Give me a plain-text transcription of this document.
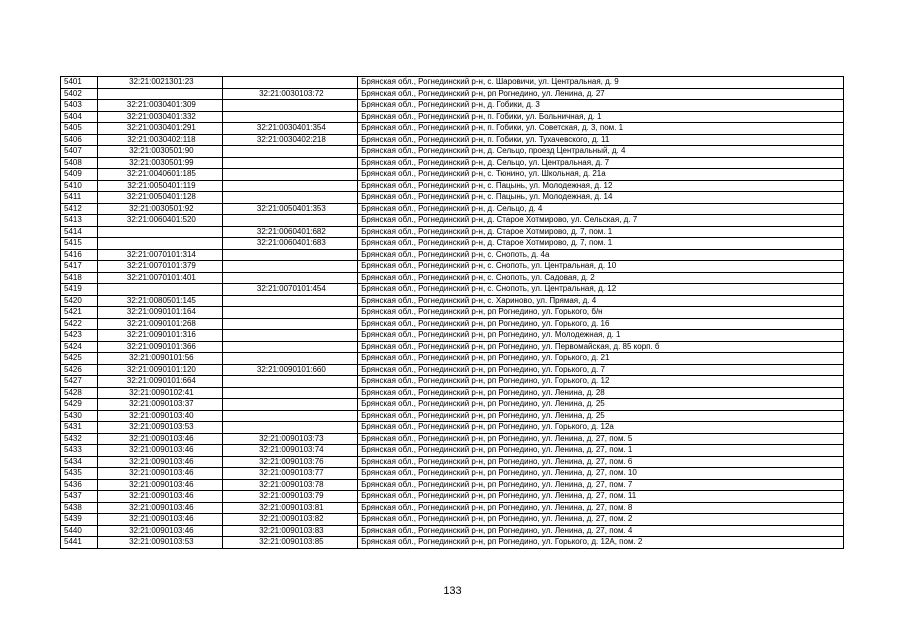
5401	32:21:0021301:23		Брянская обл., Рогнединский р-н, с. Шаровичи, ул. Центральная, д. 9
5402		32:21:0030103:72	Брянская обл., Рогнединский р-н, рп Рогнедино, ул. Ленина, д. 27
5403	32:21:0030401:309		Брянская обл., Рогнединский р-н, д. Гобики, д. 3
5404	32:21:0030401:332		Брянская обл., Рогнединский р-н, п. Гобики, ул. Больничная, д. 1
5405	32:21:0030401:291	32:21:0030401:354	Брянская обл., Рогнединский р-н, п. Гобики, ул. Советская, д. 3, пом. 1
5406	32:21:0030402:118	32:21:0030402:218	Брянская обл., Рогнединский р-н, п. Гобики, ул. Тухачевского, д. 11
5407	32:21:0030501:90		Брянская обл., Рогнединский р-н, д. Сельцо, проезд Центральный, д. 4
5408	32:21:0030501:99		Брянская обл., Рогнединский р-н, д. Сельцо, ул. Центральная, д. 7
5409	32:21:0040601:185		Брянская обл., Рогнединский р-н, с. Тюнино, ул. Школьная, д. 21а
5410	32:21:0050401:119		Брянская обл., Рогнединский р-н, с. Пацынь, ул. Молодежная, д. 12
5411	32:21:0050401:128		Брянская обл., Рогнединский р-н, с. Пацынь, ул. Молодежная, д. 14
5412	32:21:0030501:92	32:21:0050401:353	Брянская обл., Рогнединский р-н, д. Сельцо, д. 4
5413	32:21:0060401:520		Брянская обл., Рогнединский р-н, д. Старое Хотмирово, ул. Сельская, д. 7
5414		32:21:0060401:682	Брянская обл., Рогнединский р-н, д. Старое Хотмирово, д. 7, пом. 1
5415		32:21:0060401:683	Брянская обл., Рогнединский р-н, д. Старое Хотмирово, д. 7, пом. 1
5416	32:21:0070101:314		Брянская обл., Рогнединский р-н, с. Снопоть, д. 4а
5417	32:21:0070101:379		Брянская обл., Рогнединский р-н, с. Снопоть, ул. Центральная, д. 10
5418	32:21:0070101:401		Брянская обл., Рогнединский р-н, с. Снопоть, ул. Садовая, д. 2
5419		32:21:0070101:454	Брянская обл., Рогнединский р-н, с. Снопоть, ул. Центральная, д. 12
5420	32:21:0080501:145		Брянская обл., Рогнединский р-н, с. Хариново, ул. Прямая, д. 4
5421	32:21:0090101:164		Брянская обл., Рогнединский р-н, рп Рогнедино, ул. Горького, б/н
5422	32:21:0090101:268		Брянская обл., Рогнединский р-н, рп Рогнедино, ул. Горького, д. 16
5423	32:21:0090101:316		Брянская обл., Рогнединский р-н, рп Рогнедино, ул. Молодежная, д. 1
5424	32:21:0090101:366		Брянская обл., Рогнединский р-н, рп Рогнедино, ул. Первомайская, д. 85 корп. б
5425	32:21:0090101:56		Брянская обл., Рогнединский р-н, рп Рогнедино, ул. Горького, д. 21
5426	32:21:0090101:120	32:21:0090101:660	Брянская обл., Рогнединский р-н, рп Рогнедино, ул. Горького, д. 7
5427	32:21:0090101:664		Брянская обл., Рогнединский р-н, рп Рогнедино, ул. Горького, д. 12
5428	32:21:0090102:41		Брянская обл., Рогнединский р-н, рп Рогнедино, ул. Ленина, д. 28
5429	32:21:0090103:37		Брянская обл., Рогнединский р-н, рп Рогнедино, ул. Ленина, д. 25
5430	32:21:0090103:40		Брянская обл., Рогнединский р-н, рп Рогнедино, ул. Ленина, д. 25
5431	32:21:0090103:53		Брянская обл., Рогнединский р-н, рп Рогнедино, ул. Горького, д. 12а
5432	32:21:0090103:46	32:21:0090103:73	Брянская обл., Рогнединский р-н, рп Рогнедино, ул. Ленина, д. 27, пом. 5
5433	32:21:0090103:46	32:21:0090103:74	Брянская обл., Рогнединский р-н, рп Рогнедино, ул. Ленина, д. 27, пом. 1
5434	32:21:0090103:46	32:21:0090103:76	Брянская обл., Рогнединский р-н, рп Рогнедино, ул. Ленина, д. 27, пом. 6
5435	32:21:0090103:46	32:21:0090103:77	Брянская обл., Рогнединский р-н, рп Рогнедино, ул. Ленина, д. 27, пом. 10
5436	32:21:0090103:46	32:21:0090103:78	Брянская обл., Рогнединский р-н, рп Рогнедино, ул. Ленина, д. 27, пом. 7
5437	32:21:0090103:46	32:21:0090103:79	Брянская обл., Рогнединский р-н, рп Рогнедино, ул. Ленина, д. 27, пом. 11
5438	32:21:0090103:46	32:21:0090103:81	Брянская обл., Рогнединский р-н, рп Рогнедино, ул. Ленина, д. 27, пом. 8
5439	32:21:0090103:46	32:21:0090103:82	Брянская обл., Рогнединский р-н, рп Рогнедино, ул. Ленина, д. 27, пом. 2
5440	32:21:0090103:46	32:21:0090103:83	Брянская обл., Рогнединский р-н, рп Рогнедино, ул. Ленина, д. 27, пом. 4
5441	32:21:0090103:53	32:21:0090103:85	Брянская обл., Рогнединский р-н, рп Рогнедино, ул. Горького, д. 12А, пом. 2
133
